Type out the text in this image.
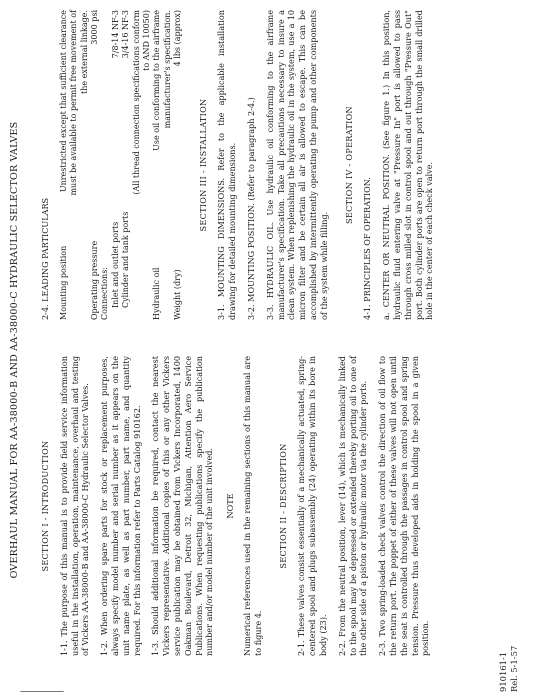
OVERHAUL MANUAL FOR AA-38000-B AND AA-38000-C HYDRAULIC SELECTOR VALVES SECTION I - INTRODUCTION 1-1. The purpose of this manual is to provide field service information useful in the installation, operation, maintenance, overhaul and testing of Vickers AA-38000-B and AA-38000-C Hydraulic Selector Valves. 1-2. When ordering spare parts for stock or replacement purposes, always specify model number and serial number as it appears on the unit name plate, as well as part number, part name, and quantity required. For this information refer to Parts Catalog 910162. 1-3. Should additional information be required, contact the nearest Vickers representative. Additional copies of this or any other Vickers service publication may be obtained from Vickers Incorporated, 1400 Oakman Boulevard, Detroit 32, Michigan, Attention Aero Service Publications. When requesting publications specify the publication number and/or model number of the unit involved. NOTE Numerical references used in the remaining sections of this manual are to figure 4.

SECTION II - DESCRIPTION 2-1. These valves consist essentially of a mechanically actuated, spring-centered spool and plugs subassembly (24) operating within its bore in body (23). 2-2. From the neutral position, lever (14), which is mechanically linked to the spool may be depressed or extended thereby porting oil to one of the other side of a piston or hydraulic motor via the cylinder ports. 2-3. Two spring-loaded check valves control the direction of oil flow to the return port. The poppet of either of these valves will not open until the seat is controlled through the passages in control spool and spring tension. Pressure thus developed aids in holding the spool in a given position.

2-4. LEADING PARTICULARS Mounting position	Unrestricted except that sufficient clearance must be available to permit free movement of the external linkage.
Operating pressure	3000 psi
Connections:	
Inlet and outlet ports	7/8-14 NF-3
Cylinder and tank ports	3/4-16 NF-3
	(All thread connection specifications conform to AND 10050)
Hydraulic oil	Use oil conforming to the airframe manufacturer's specification.
Weight (dry)	4 lbs (approx)
SECTION III - INSTALLATION 3-1. MOUNTING DIMENSIONS. Refer to the applicable installation drawing for detailed mounting dimensions. 3-2. MOUNTING POSITION. (Refer to paragraph 2-4.) 3-3. HYDRAULIC OIL. Use hydraulic oil conforming to the airframe manufacturer's specification. Take all precautions necessary to insure a clean system. When replenishing the hydraulic oil in the system, use a 10 micron filter and be certain all air is allowed to escape. This can be accomplished by intermittently operating the pump and other components of the system while filling.

SECTION IV - OPERATION

4-1. PRINCIPLES OF OPERATION. a. CENTER OR NEUTRAL POSITION. (See figure 1.) In this position, hydraulic fluid entering valve at "Pressure In" port is allowed to pass through cross milled slot in control spool and out through "Pressure Out" port. Both cylinder ports are open to return port through the small drilled hole in the center of each check valve.

910161-1 Rel. 5-1-57
